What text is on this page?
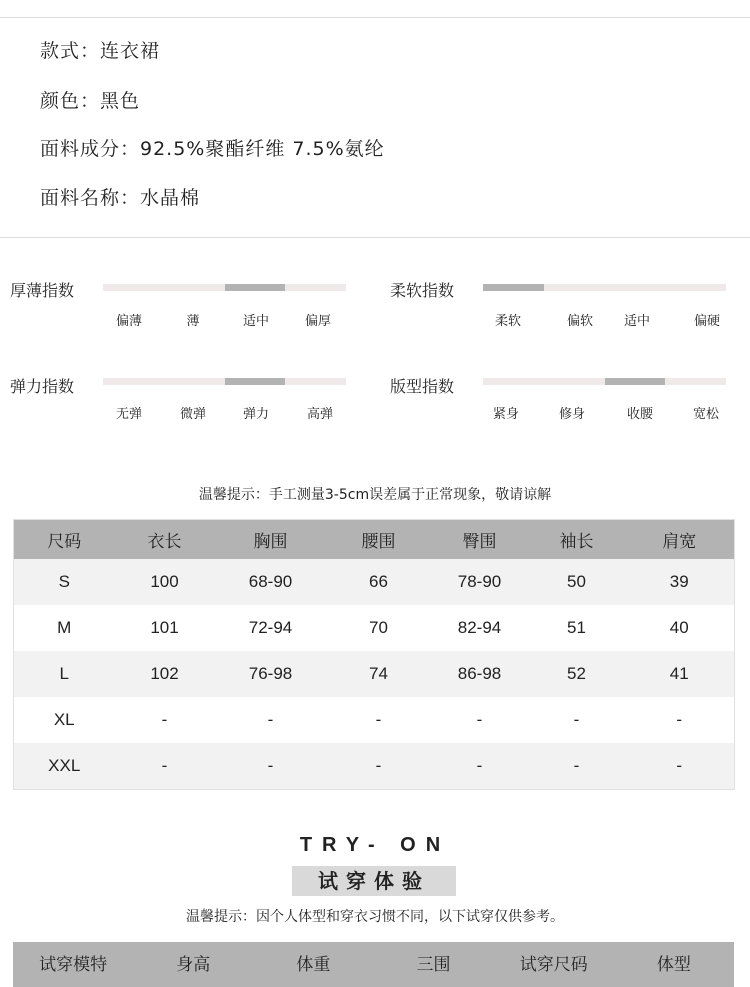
款式：连衣裙
颜色：黑色
面料成分：92.5%聚酯纤维 7.5%氨纶
面料名称：水晶棉
厚薄指数
偏薄	薄	适中	偏厚
柔软指数
柔软	偏软 适中	偏硬
弹力指数
无弹	微弹	弹力	高弹
版型指数
紧身	修身	收腰	宽松
温馨提示：手工测量3-5cm误差属于正常现象，敬请谅解
尺码	衣长	胸围	腰围	臀围	袖长	肩宽
S	100	68-90	66	78-90	50	39
M	101	72-94	70	82-94	51	40
L	102	76-98	74	86-98	52	41
XL	-	-	-	-	-	-
XXL	-	-	-	-	-	-
TRY- ON
试穿体验
温馨提示：因个人体型和穿衣习惯不同，以下试穿仅供参考。
试穿模特	身高	体重	三围	试穿尺码	体型
